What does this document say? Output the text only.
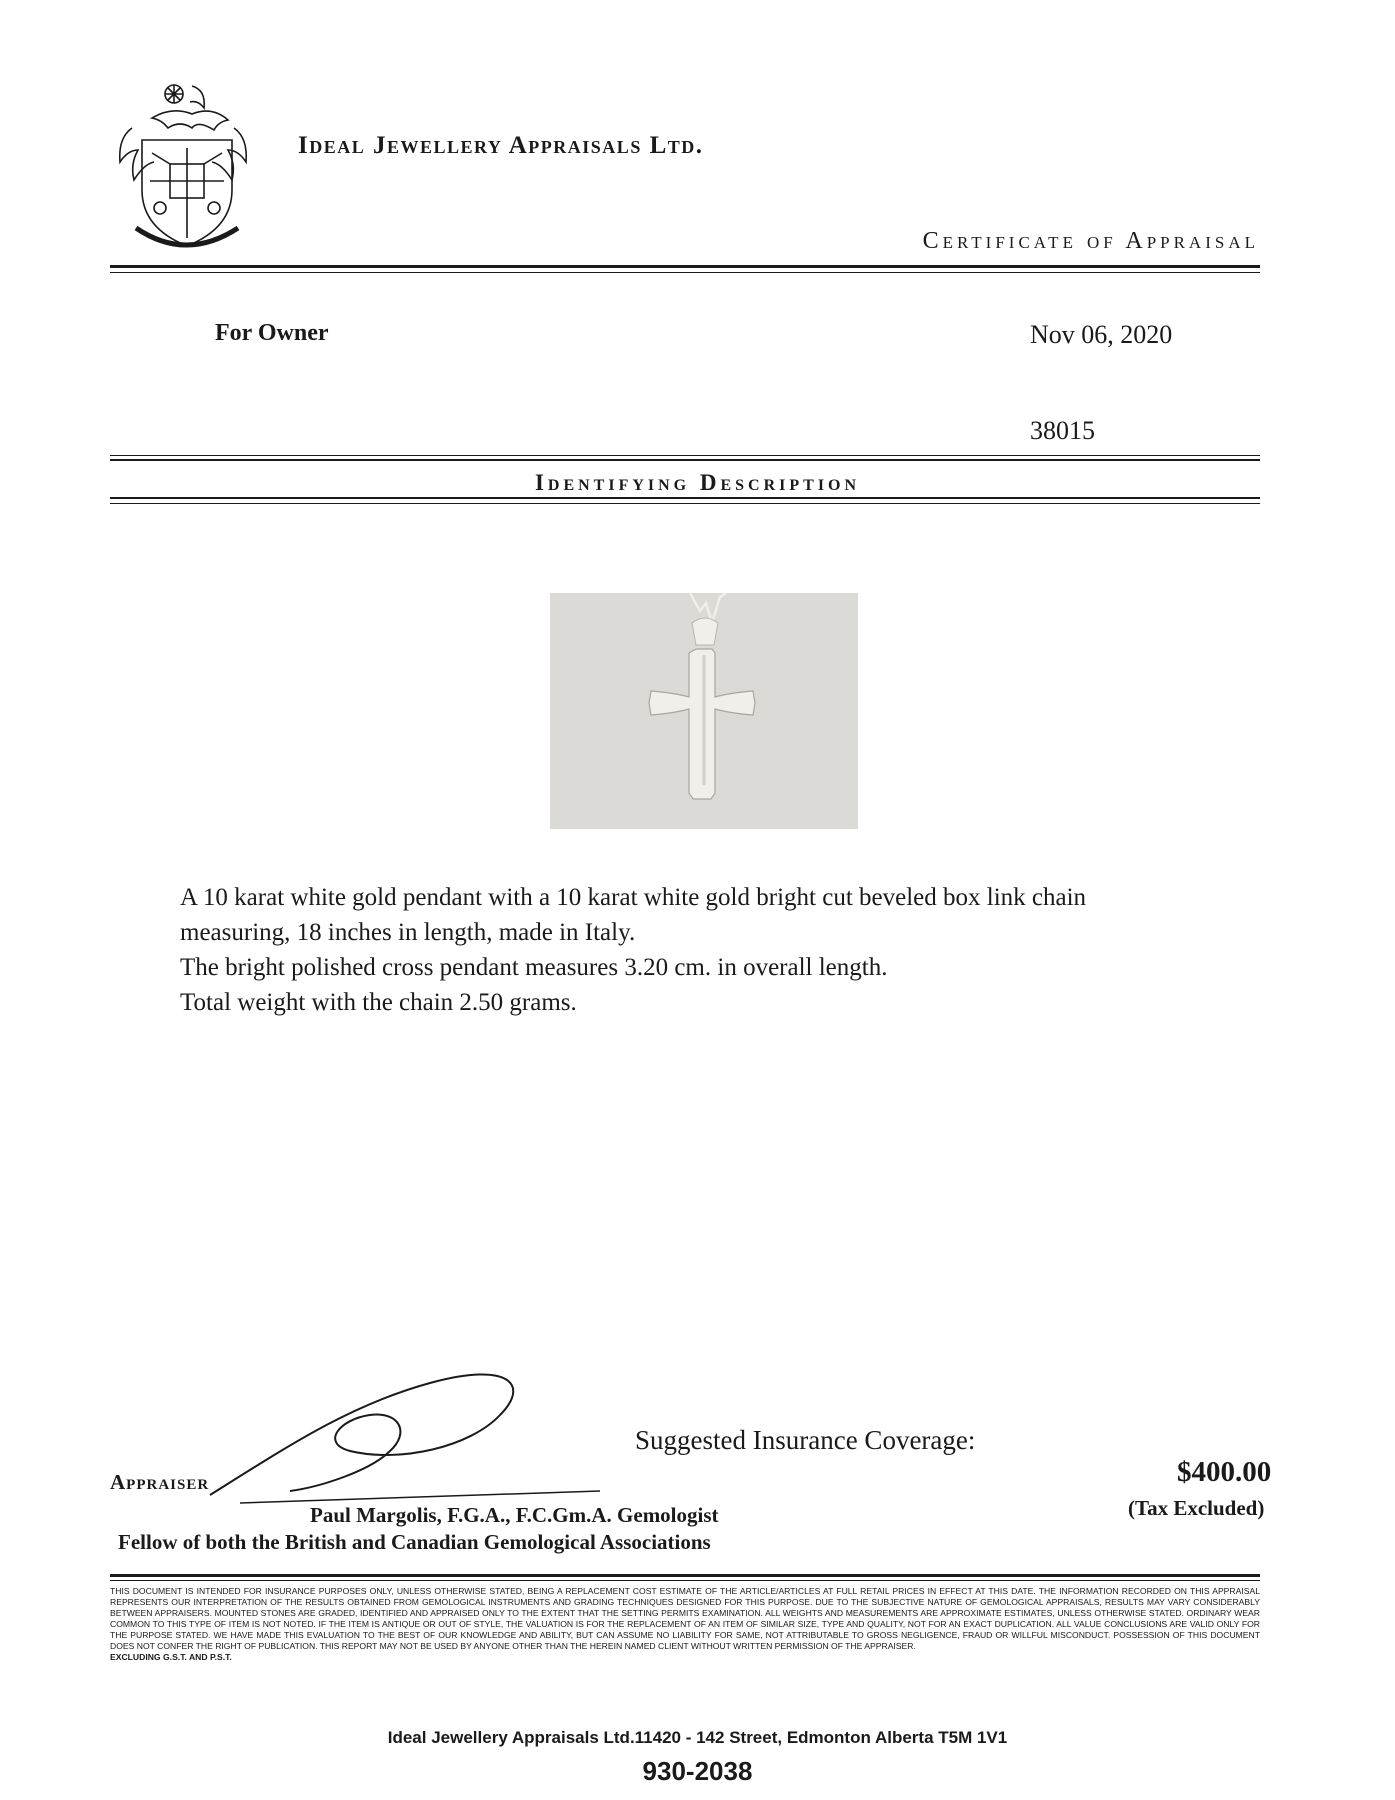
Ideal Jewellery Appraisals Ltd.
Certificate of Appraisal
For Owner	Nov 06, 2020
38015
Identifying Description
A 10 karat white gold pendant with a 10 karat white gold bright cut beveled box link chain
measuring, 18 inches in length, made in Italy.
The bright polished cross pendant measures 3.20 cm. in overall length.
Total weight with the chain 2.50 grams.
Appraiser
Paul Margolis, F.G.A., F.C.Gm.A. Gemologist
Fellow of both the British and Canadian Gemological Associations
Suggested Insurance Coverage:
$400.00
(Tax Excluded)
THIS DOCUMENT IS INTENDED FOR INSURANCE PURPOSES ONLY, UNLESS OTHERWISE STATED, BEING A REPLACEMENT COST ESTIMATE OF THE ARTICLE/ARTICLES AT FULL RETAIL PRICES IN EFFECT AT THIS DATE. THE INFORMATION RECORDED ON THIS APPRAISAL REPRESENTS OUR INTERPRETATION OF THE RESULTS OBTAINED FROM GEMOLOGICAL INSTRUMENTS AND GRADING TECHNIQUES DESIGNED FOR THIS PURPOSE. DUE TO THE SUBJECTIVE NATURE OF GEMOLOGICAL APPRAISALS, RESULTS MAY VARY CONSIDERABLY BETWEEN APPRAISERS. MOUNTED STONES ARE GRADED, IDENTIFIED AND APPRAISED ONLY TO THE EXTENT THAT THE SETTING PERMITS EXAMINATION. ALL WEIGHTS AND MEASUREMENTS ARE APPROXIMATE ESTIMATES, UNLESS OTHERWISE STATED. ORDINARY WEAR COMMON TO THIS TYPE OF ITEM IS NOT NOTED. IF THE ITEM IS ANTIQUE OR OUT OF STYLE, THE VALUATION IS FOR THE REPLACEMENT OF AN ITEM OF SIMILAR SIZE, TYPE AND QUALITY, NOT FOR AN EXACT DUPLICATION. ALL VALUE CONCLUSIONS ARE VALID ONLY FOR THE PURPOSE STATED. WE HAVE MADE THIS EVALUATION TO THE BEST OF OUR KNOWLEDGE AND ABILITY, BUT CAN ASSUME NO LIABILITY FOR SAME, NOT ATTRIBUTABLE TO GROSS NEGLIGENCE, FRAUD OR WILLFUL MISCONDUCT. POSSESSION OF THIS DOCUMENT DOES NOT CONFER THE RIGHT OF PUBLICATION. THIS REPORT MAY NOT BE USED BY ANYONE OTHER THAN THE HEREIN NAMED CLIENT WITHOUT WRITTEN PERMISSION OF THE APPRAISER.
EXCLUDING G.S.T. AND P.S.T.
Ideal Jewellery Appraisals Ltd.11420 - 142 Street, Edmonton Alberta T5M 1V1
930-2038
